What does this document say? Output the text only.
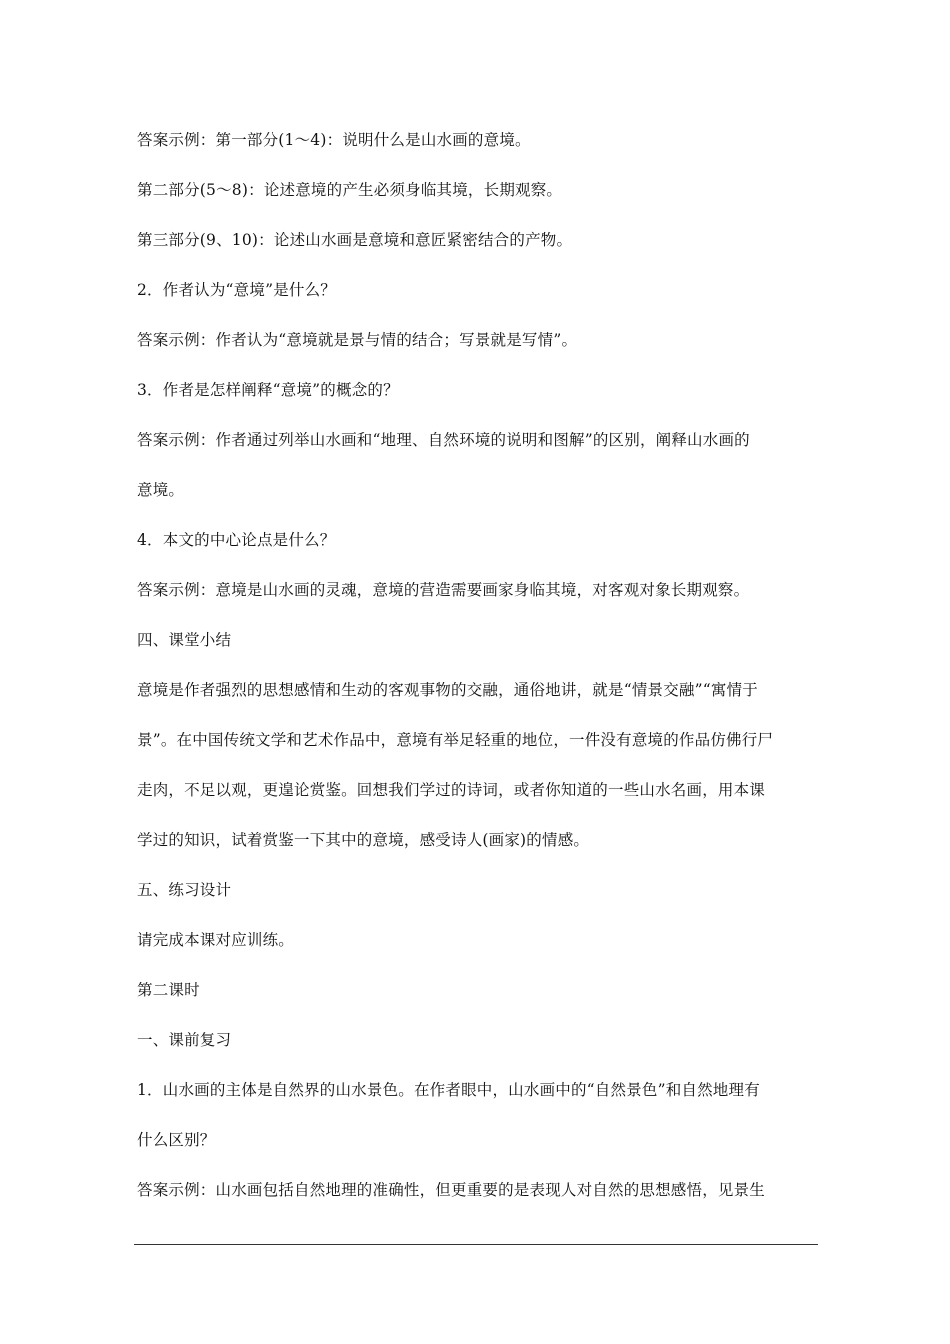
答案示例：第一部分(1～4)：说明什么是山水画的意境。
第二部分(5～8)：论述意境的产生必须身临其境，长期观察。
第三部分(9、10)：论述山水画是意境和意匠紧密结合的产物。
2．作者认为“意境”是什么？
答案示例：作者认为“意境就是景与情的结合；写景就是写情”。
3．作者是怎样阐释“意境”的概念的？
答案示例：作者通过列举山水画和“地理、自然环境的说明和图解”的区别，阐释山水画的
意境。
4．本文的中心论点是什么？
答案示例：意境是山水画的灵魂，意境的营造需要画家身临其境，对客观对象长期观察。
四、课堂小结
意境是作者强烈的思想感情和生动的客观事物的交融，通俗地讲，就是“情景交融”“寓情于
景”。在中国传统文学和艺术作品中，意境有举足轻重的地位，一件没有意境的作品仿佛行尸
走肉，不足以观，更遑论赏鉴。回想我们学过的诗词，或者你知道的一些山水名画，用本课
学过的知识，试着赏鉴一下其中的意境，感受诗人(画家)的情感。
五、练习设计
请完成本课对应训练。
第二课时
一、课前复习
1．山水画的主体是自然界的山水景色。在作者眼中，山水画中的“自然景色”和自然地理有
什么区别？
答案示例：山水画包括自然地理的准确性，但更重要的是表现人对自然的思想感悟，见景生
